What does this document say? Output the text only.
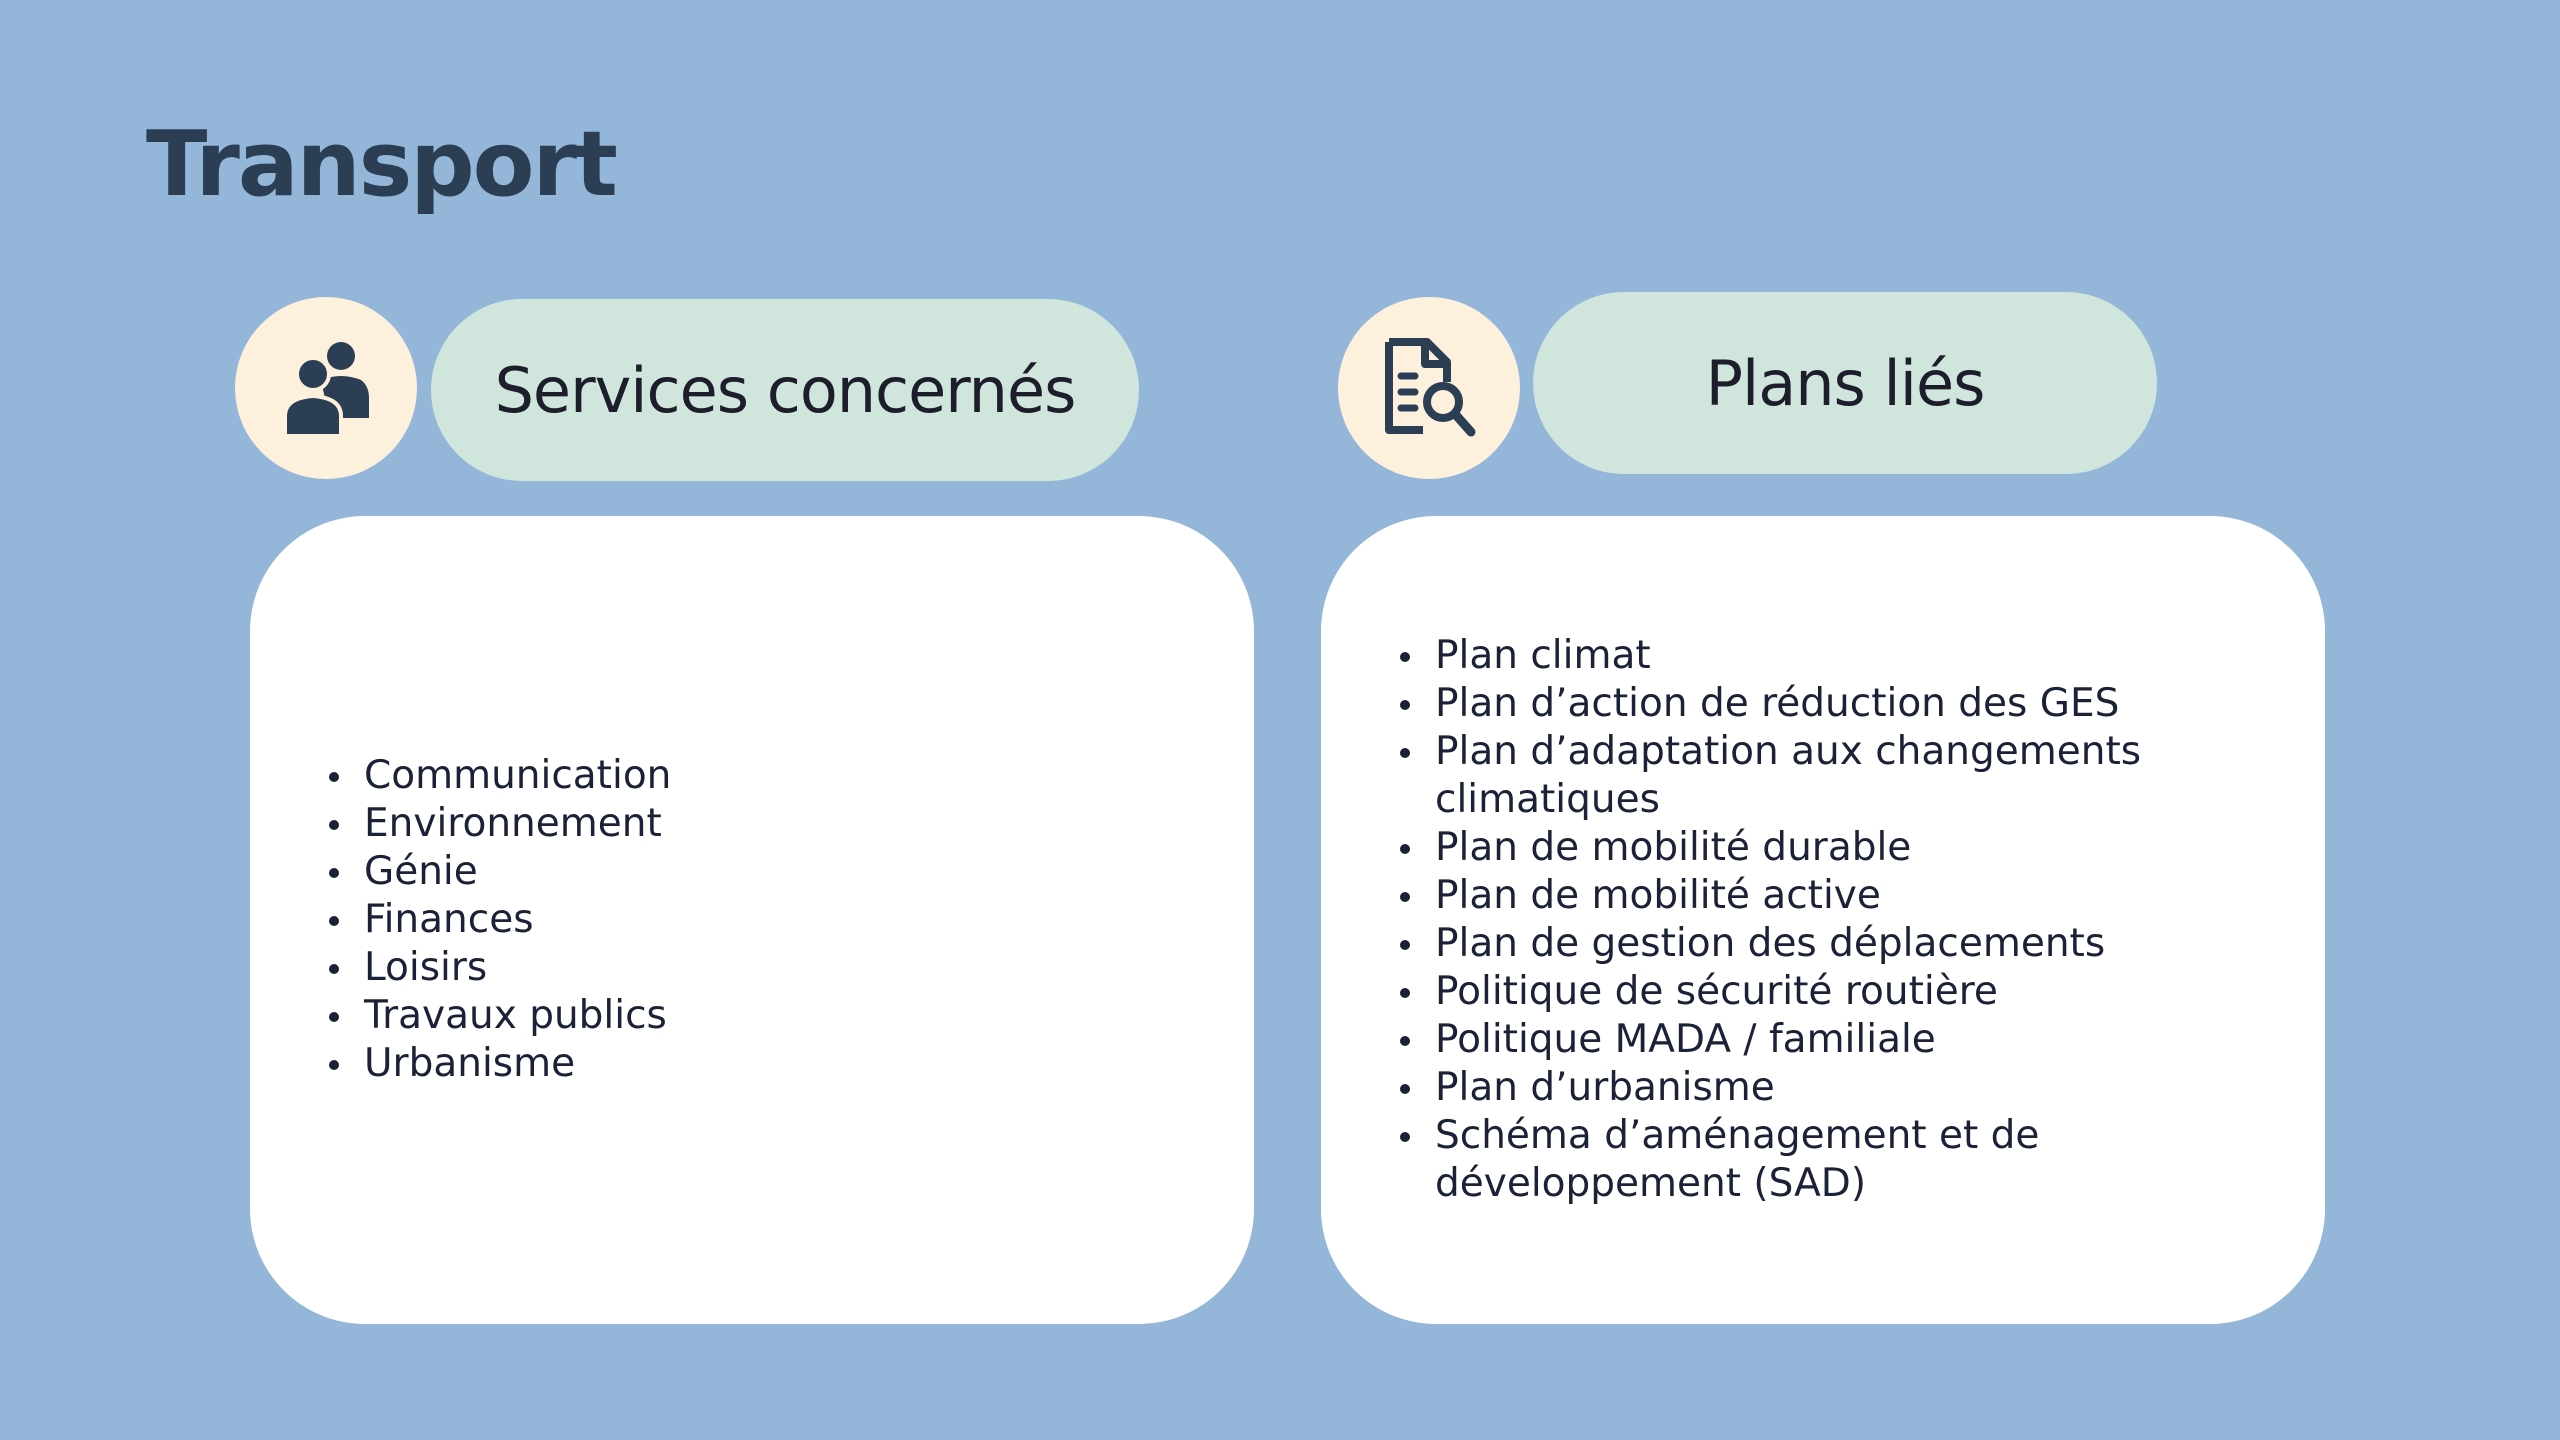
Transport
Services concernés
Communication
Environnement
Génie
Finances
Loisirs
Travaux publics
Urbanisme
Plans liés
Plan climat
Plan d’action de réduction des GES
Plan d’adaptation aux changements climatiques
Plan de mobilité durable
Plan de mobilité active
Plan de gestion des déplacements
Politique de sécurité routière
Politique MADA / familiale
Plan d’urbanisme
Schéma d’aménagement et de développement (SAD)
